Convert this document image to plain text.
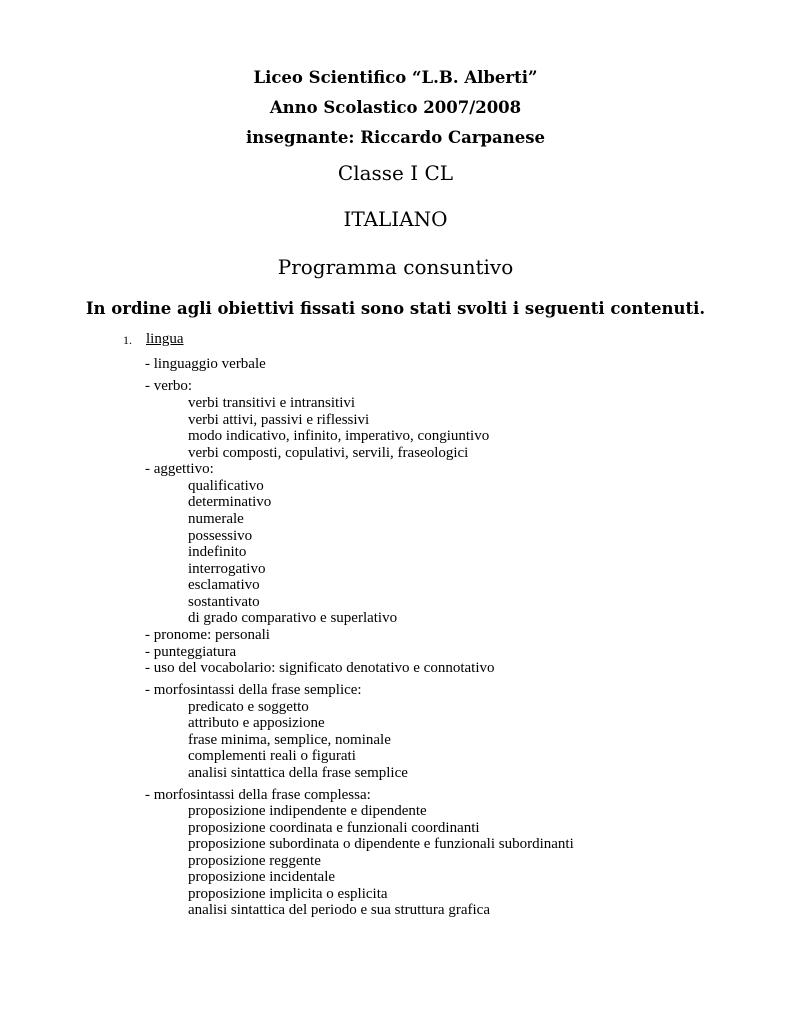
Liceo Scientifico “L.B. Alberti”
Anno Scolastico 2007/2008
insegnante: Riccardo Carpanese
Classe I CL
ITALIANO
Programma consuntivo
In ordine agli obiettivi fissati sono stati svolti i seguenti contenuti.
1. lingua
- linguaggio verbale
- verbo:
verbi transitivi e intransitivi
verbi attivi, passivi e riflessivi
modo indicativo, infinito, imperativo, congiuntivo
verbi composti, copulativi, servili, fraseologici
- aggettivo:
qualificativo
determinativo
numerale
possessivo
indefinito
interrogativo
esclamativo
sostantivato
di grado comparativo e superlativo
- pronome: personali
- punteggiatura
- uso del vocabolario: significato denotativo e connotativo
- morfosintassi della frase semplice:
predicato e soggetto
attributo e apposizione
frase minima, semplice, nominale
complementi reali o figurati
analisi sintattica della frase semplice
- morfosintassi della frase complessa:
proposizione indipendente e dipendente
proposizione coordinata e funzionali coordinanti
proposizione subordinata o dipendente e funzionali subordinanti
proposizione reggente
proposizione incidentale
proposizione implicita o esplicita
analisi sintattica del periodo e sua struttura grafica
